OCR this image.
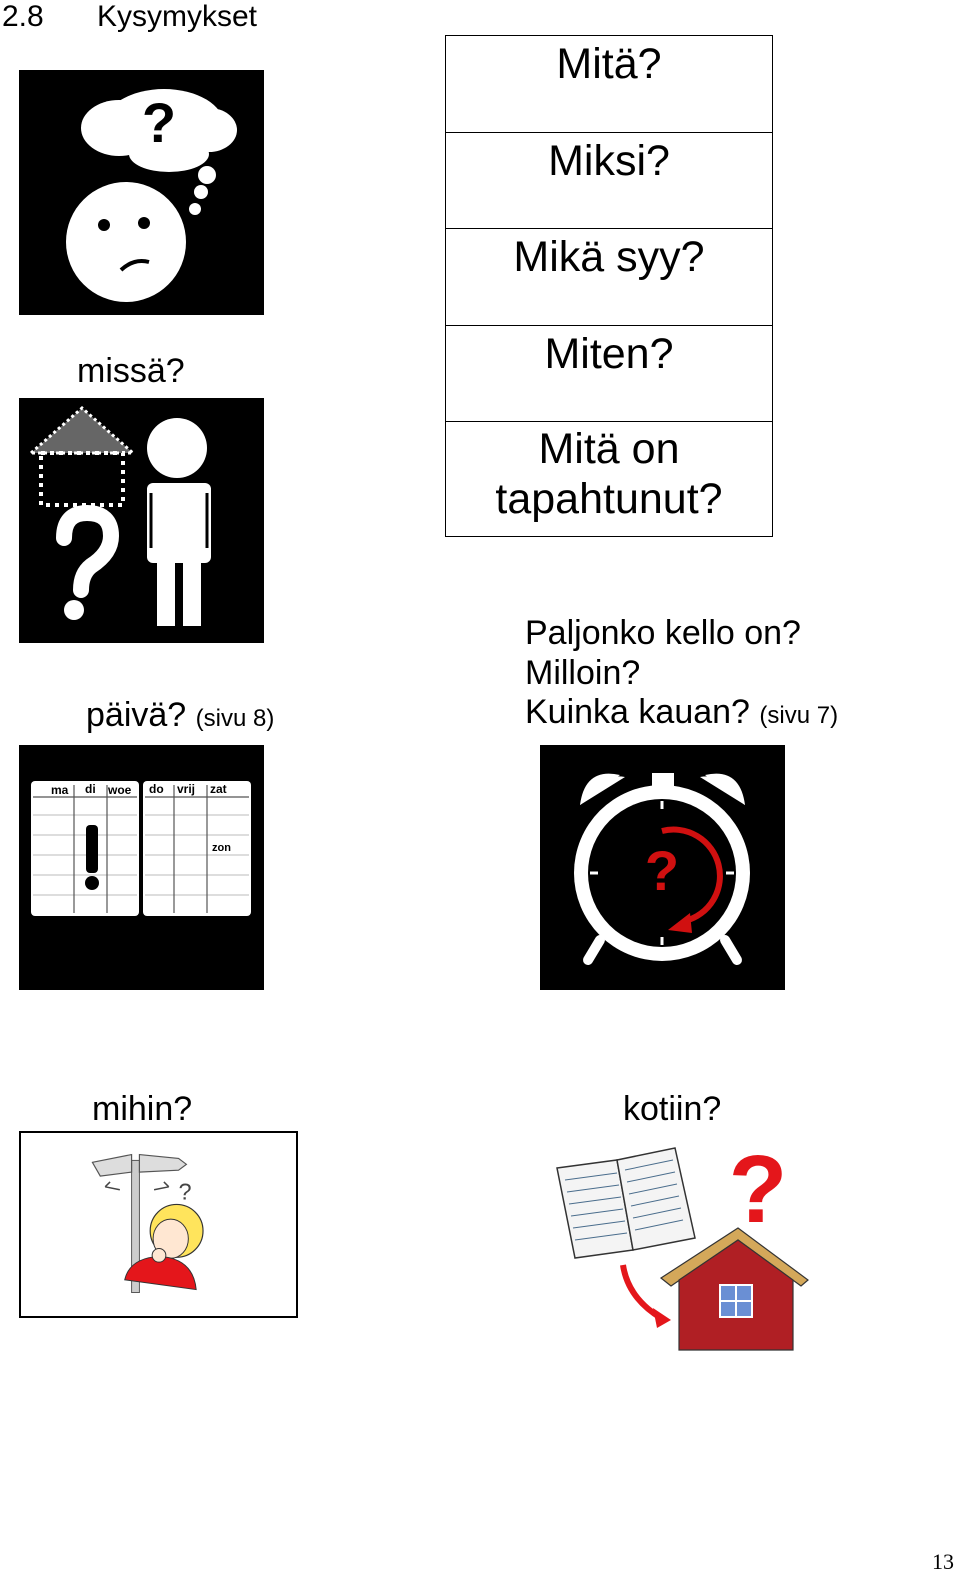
2.8 Kysymykset
?
Mitä?
Miksi?
Mikä syy?
Miten?
Mitä on
tapahtunut?
missä?
Paljonko kello on?
Milloin?
Kuinka kauan? (sivu 7)
päivä? (sivu 8)
ma di woe do vrij zat
zon	?
mihin?	kotiin?
?	?
13
